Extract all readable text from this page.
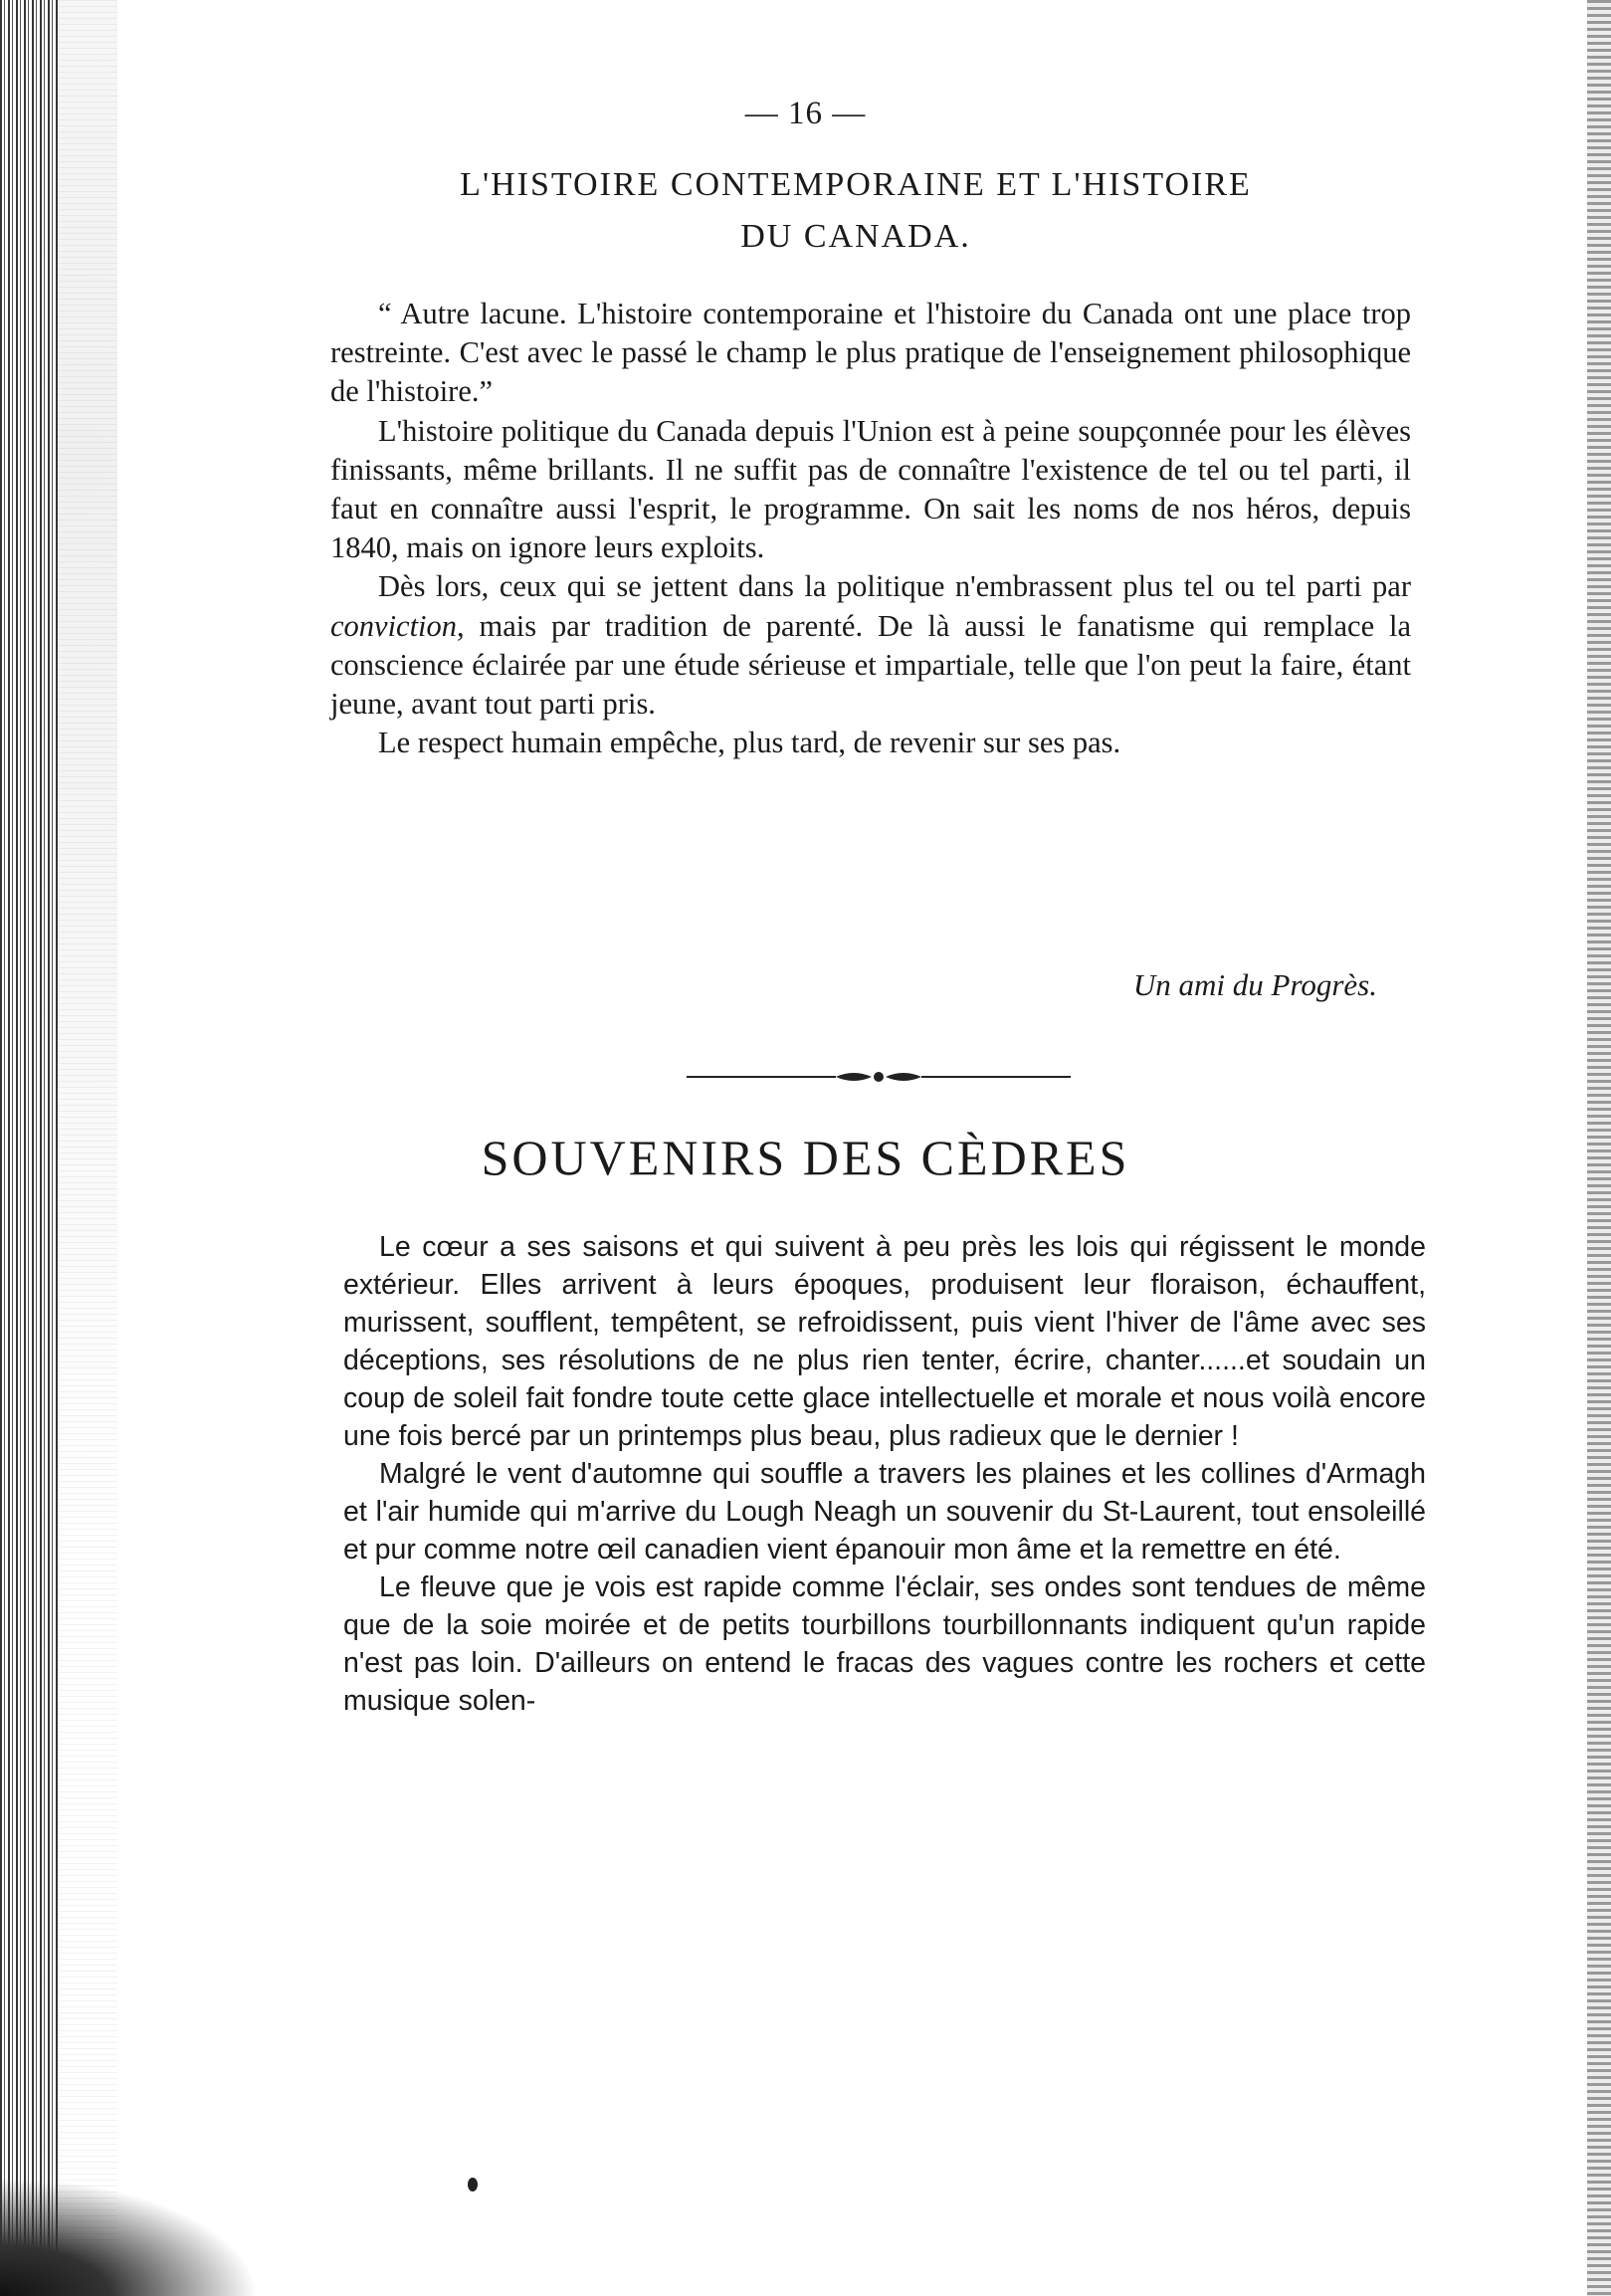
— 16 —
L'HISTOIRE CONTEMPORAINE ET L'HISTOIRE
DU CANADA.

“ Autre lacune. L'histoire contemporaine et l'histoire du Canada ont une place trop restreinte. C'est avec le passé le champ le plus pratique de l'enseignement philosophique de l'histoire.”

L'histoire politique du Canada depuis l'Union est à peine soupçonnée pour les élèves finissants, même brillants. Il ne suffit pas de connaître l'existence de tel ou tel parti, il faut en connaître aussi l'esprit, le programme. On sait les noms de nos héros, depuis 1840, mais on ignore leurs exploits.

Dès lors, ceux qui se jettent dans la politique n'embrassent plus tel ou tel parti par conviction, mais par tradition de parenté. De là aussi le fanatisme qui remplace la conscience éclairée par une étude sérieuse et impartiale, telle que l'on peut la faire, étant jeune, avant tout parti pris.

Le respect humain empêche, plus tard, de revenir sur ses pas.

Un ami du Progrès.
SOUVENIRS DES CÈDRES

Le cœur a ses saisons et qui suivent à peu près les lois qui régissent le monde extérieur. Elles arrivent à leurs époques, produisent leur floraison, échauffent, murissent, soufflent, tempêtent, se refroidissent, puis vient l'hiver de l'âme avec ses déceptions, ses résolutions de ne plus rien tenter, écrire, chanter......et soudain un coup de soleil fait fondre toute cette glace intellectuelle et morale et nous voilà encore une fois bercé par un printemps plus beau, plus radieux que le dernier !

Malgré le vent d'automne qui souffle a travers les plaines et les collines d'Armagh et l'air humide qui m'arrive du Lough Neagh un souvenir du St-Laurent, tout ensoleillé et pur comme notre œil canadien vient épanouir mon âme et la remettre en été.

Le fleuve que je vois est rapide comme l'éclair, ses ondes sont tendues de même que de la soie moirée et de petits tourbillons tourbillonnants indiquent qu'un rapide n'est pas loin. D'ailleurs on entend le fracas des vagues contre les rochers et cette musique solen-
